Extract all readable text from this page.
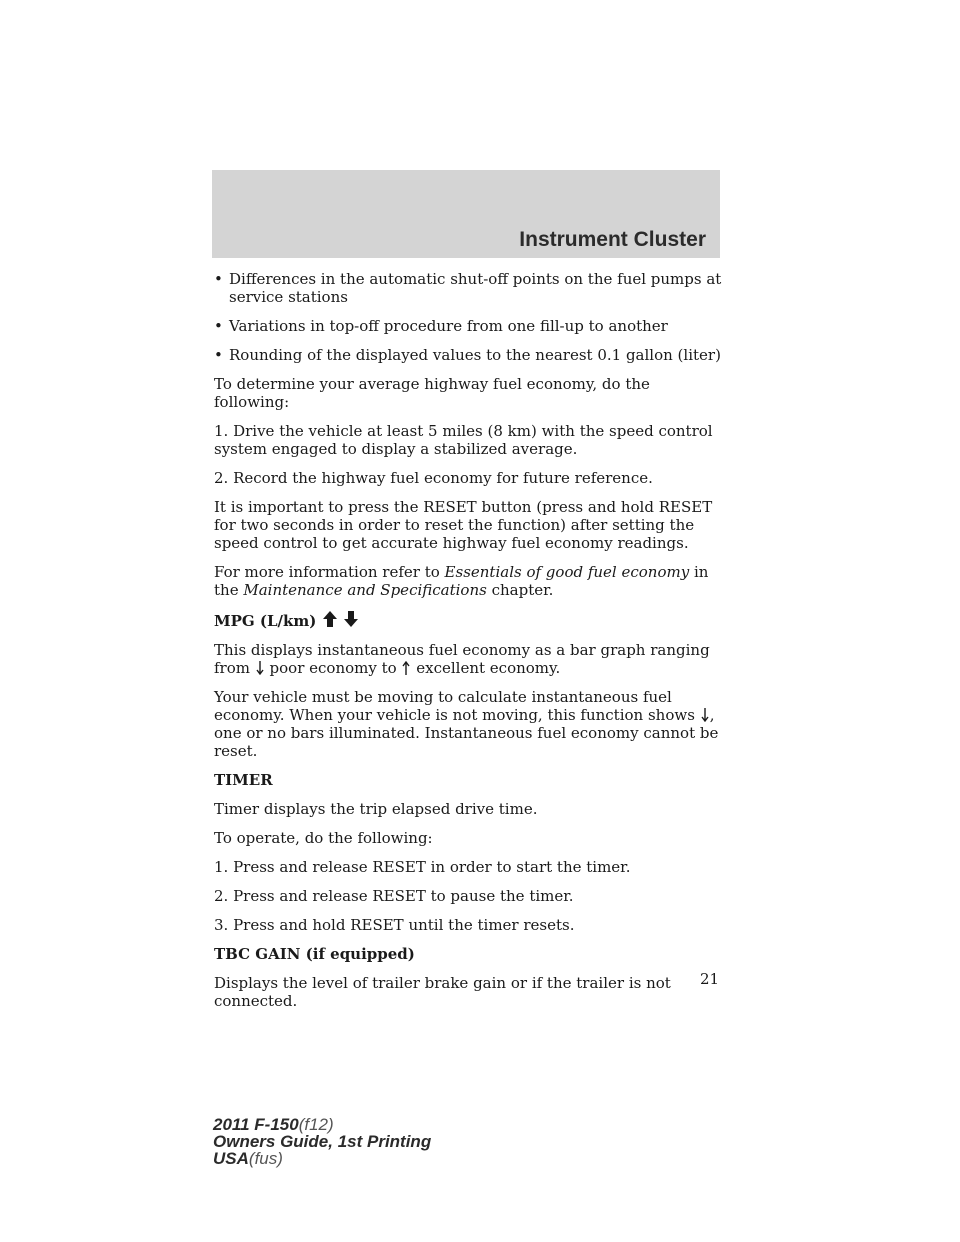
Instrument Cluster
• Differences in the automatic shut-off points on the fuel pumps at service stations
• Variations in top-off procedure from one fill-up to another
• Rounding of the displayed values to the nearest 0.1 gallon (liter)

To determine your average highway fuel economy, do the following:

1. Drive the vehicle at least 5 miles (8 km) with the speed control system engaged to display a stabilized average.

2. Record the highway fuel economy for future reference.

It is important to press the RESET button (press and hold RESET for two seconds in order to reset the function) after setting the speed control to get accurate highway fuel economy readings.

For more information refer to Essentials of good fuel economy in the Maintenance and Specifications chapter.

MPG (L/km)

This displays instantaneous fuel economy as a bar graph ranging from poor economy to excellent economy.

Your vehicle must be moving to calculate instantaneous fuel economy. When your vehicle is not moving, this function shows , one or no bars illuminated. Instantaneous fuel economy cannot be reset.

TIMER

Timer displays the trip elapsed drive time.

To operate, do the following:

1. Press and release RESET in order to start the timer.

2. Press and release RESET to pause the timer.

3. Press and hold RESET until the timer resets.

TBC GAIN (if equipped)

Displays the level of trailer brake gain or if the trailer is not connected.

21
2011 F-150(f12)
Owners Guide, 1st Printing
USA(fus)
